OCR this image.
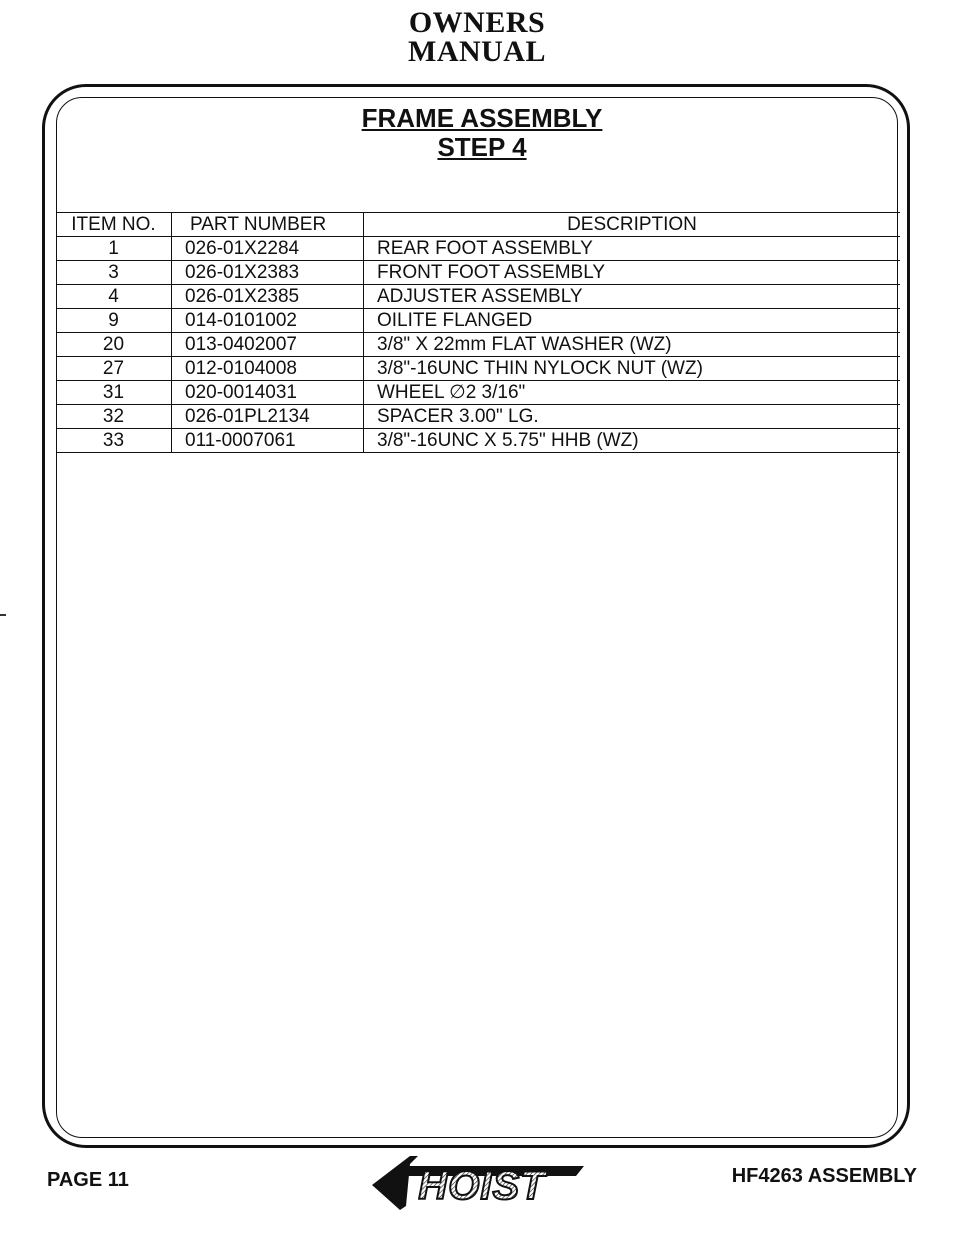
OWNERS
MANUAL
FRAME ASSEMBLY
STEP 4
ITEM NO.	PART NUMBER	DESCRIPTION
1	026-01X2284	REAR FOOT ASSEMBLY
3	026-01X2383	FRONT FOOT ASSEMBLY
4	026-01X2385	ADJUSTER ASSEMBLY
9	014-0101002	OILITE FLANGED
20	013-0402007	3/8" X 22mm FLAT WASHER (WZ)
27	012-0104008	3/8"-16UNC THIN NYLOCK NUT (WZ)
31	020-0014031	WHEEL ∅2 3/16"
32	026-01PL2134	SPACER 3.00" LG.
33	011-0007061	3/8"-16UNC X 5.75" HHB (WZ)
PAGE 11	HOIST	HF4263 ASSEMBLY
